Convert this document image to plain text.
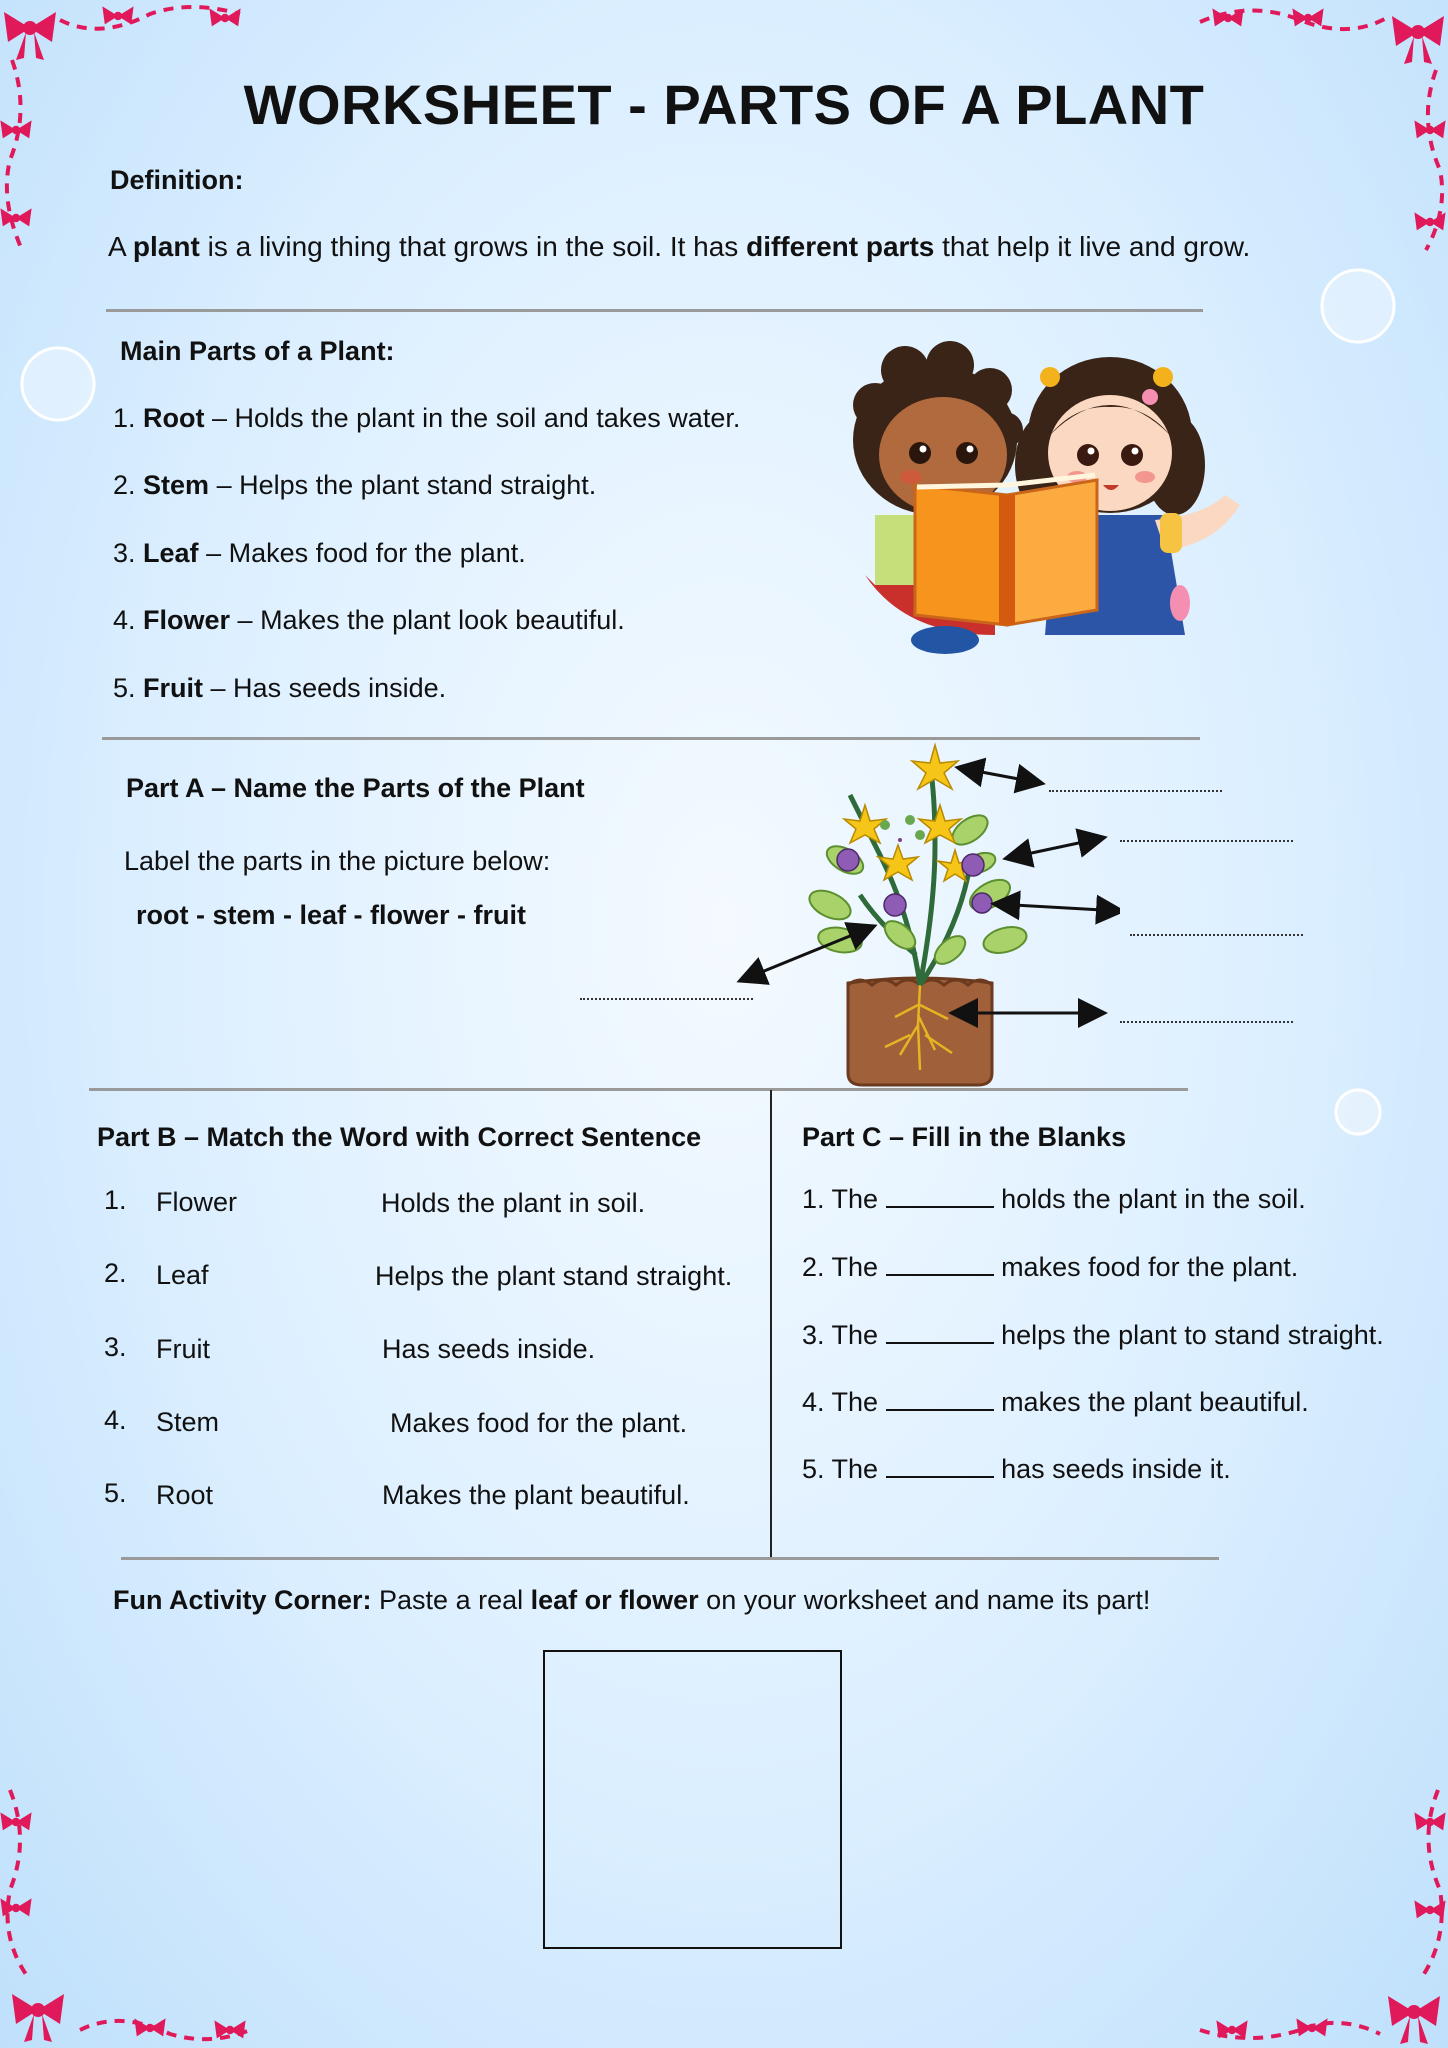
WORKSHEET - PARTS OF A PLANT
Definition:
A plant is a living thing that grows in the soil. It has different parts that help it live and grow.
Main Parts of a Plant:
1. Root – Holds the plant in the soil and takes water.
2. Stem – Helps the plant stand straight.
3. Leaf – Makes food for the plant.
4. Flower – Makes the plant look beautiful.
5. Fruit – Has seeds inside.
Part A – Name the Parts of the Plant
Label the parts in the picture below:
root - stem - leaf - flower - fruit
Part B – Match the Word with Correct Sentence
1. Flower	Holds the plant in soil.
2. Leaf	Helps the plant stand straight.
3. Fruit	Has seeds inside.
4. Stem	Makes food for the plant.
5. Root	Makes the plant beautiful.
Part C – Fill in the Blanks
1. The	holds the plant in the soil.
2. The	makes food for the plant.
3. The	helps the plant to stand straight.
4. The	makes the plant beautiful.
5. The	has seeds inside it.
Fun Activity Corner: Paste a real leaf or flower on your worksheet and name its part!
